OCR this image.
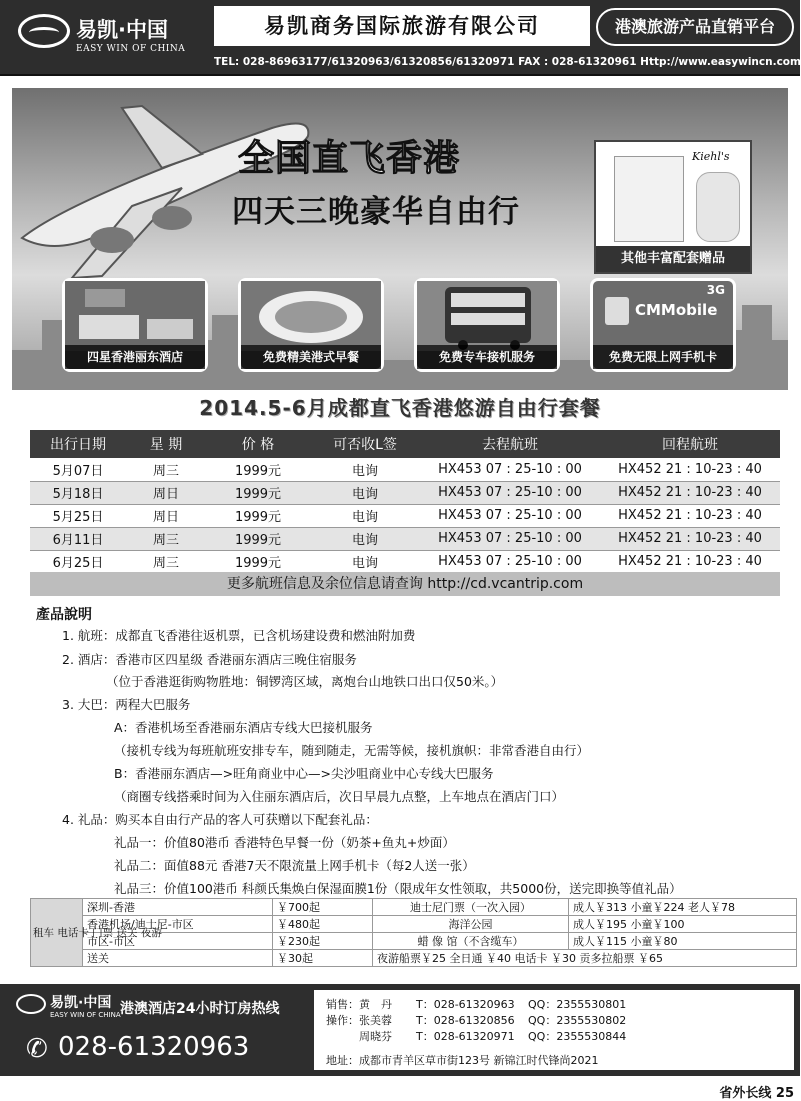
易凯·中国
EASY WIN OF CHINA
易凯商务国际旅游有限公司	港澳旅游产品直销平台
TEL: 028-86963177/61320963/61320856/61320971 FAX : 028-61320961 Http://www.easywincn.com
全国直飞香港
四天三晚豪华自由行
Kiehl's
其他丰富配套赠品
四星香港丽东酒店	免费精美港式早餐	免费专车接机服务
CMMobile
3G
免费无限上网手机卡
2014.5-6月成都直飞香港悠游自由行套餐
出行日期	星 期	价 格	可否收L签	去程航班	回程航班
5月07日	周三	1999元	电询	HX453 07 : 25-10 : 00	HX452 21 : 10-23 : 40
5月18日	周日	1999元	电询	HX453 07 : 25-10 : 00	HX452 21 : 10-23 : 40
5月25日	周日	1999元	电询	HX453 07 : 25-10 : 00	HX452 21 : 10-23 : 40
6月11日	周三	1999元	电询	HX453 07 : 25-10 : 00	HX452 21 : 10-23 : 40
6月25日	周三	1999元	电询	HX453 07 : 25-10 : 00	HX452 21 : 10-23 : 40
更多航班信息及余位信息请查询 http://cd.vcantrip.com
產品說明
1. 航班：成都直飞香港往返机票，已含机场建设费和燃油附加费
2. 酒店：香港市区四星级 香港丽东酒店三晚住宿服务
（位于香港逛街购物胜地：铜锣湾区域，离炮台山地铁口出口仅50米。）
3. 大巴：两程大巴服务
A：香港机场至香港丽东酒店专线大巴接机服务
（接机专线为每班航班安排专车，随到随走，无需等候，接机旗帜：非常香港自由行）
B：香港丽东酒店—>旺角商业中心—>尖沙咀商业中心专线大巴服务
（商圈专线搭乘时间为入住丽东酒店后，次日早晨九点整，上车地点在酒店门口）
4. 礼品：购买本自由行产品的客人可获赠以下配套礼品：
礼品一：价值80港币 香港特色早餐一份（奶茶+鱼丸+炒面）
礼品二：面值88元 香港7天不限流量上网手机卡（每2人送一张）
礼品三：价值100港币 科颜氏集焕白保湿面膜1份（限成年女性领取，共5000份，送完即换等值礼品）
租车 电话卡 门票 送关 夜游	深圳-香港	￥700起	迪士尼门票（一次入园）	成人￥313 小童￥224 老人￥78
	香港机场/迪士尼-市区	￥480起	海洋公园	成人￥195 小童￥100
	市区-市区	￥230起	蜡 像 馆（不含缆车）	成人￥115 小童￥80
	送关	￥30起	夜游船票￥25 全日通 ￥40 电话卡 ￥30 贡多拉船票 ￥65	
易凯·中国
EASY WIN OF CHINA 港澳酒店24小时订房热线
✆ 028-61320963
销售：黄　丹 T：028-61320963 QQ：2355530801
操作：张美蓉 T：028-61320856 QQ：2355530802
　　　周晓芬 T：028-61320971 QQ：2355530844
地址：成都市青羊区草市街123号 新锦江时代锋尚2021
省外长线 25
